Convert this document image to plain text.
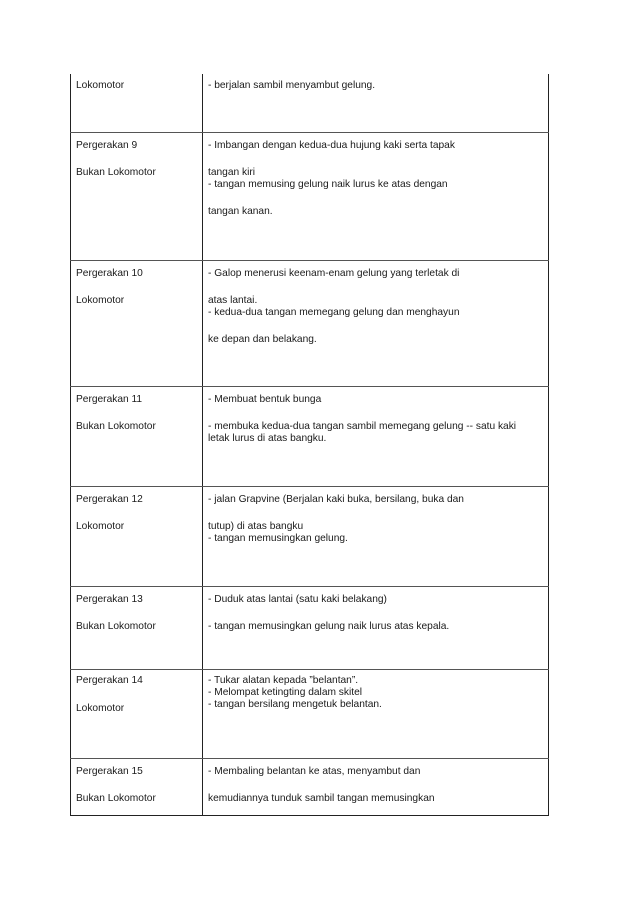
Lokomotor	- berjalan sambil menyambut gelung.

Pergerakan 9
Bukan Lokomotor	- Imbangan dengan kedua-dua hujung kaki serta tapak
tangan kiri
- tangan memusing gelung naik lurus ke atas dengan
tangan kanan.

Pergerakan 10
Lokomotor	- Galop menerusi keenam-enam gelung yang terletak di
atas lantai.
- kedua-dua tangan memegang gelung dan menghayun
ke depan dan belakang.

Pergerakan 11
Bukan Lokomotor	- Membuat bentuk bunga
- membuka kedua-dua tangan sambil memegang gelung -- satu kaki
letak lurus di atas bangku.

Pergerakan 12
Lokomotor	- jalan Grapvine (Berjalan kaki buka, bersilang, buka dan
tutup) di atas bangku
- tangan memusingkan gelung.

Pergerakan 13
Bukan Lokomotor	- Duduk atas lantai (satu kaki belakang)
- tangan memusingkan gelung naik lurus atas kepala.

Pergerakan 14
Lokomotor	- Tukar alatan kepada ”belantan”.
- Melompat ketingting dalam skitel
- tangan bersilang mengetuk belantan.

Pergerakan 15
Bukan Lokomotor	- Membaling belantan ke atas, menyambut dan
kemudiannya tunduk sambil tangan memusingkan
